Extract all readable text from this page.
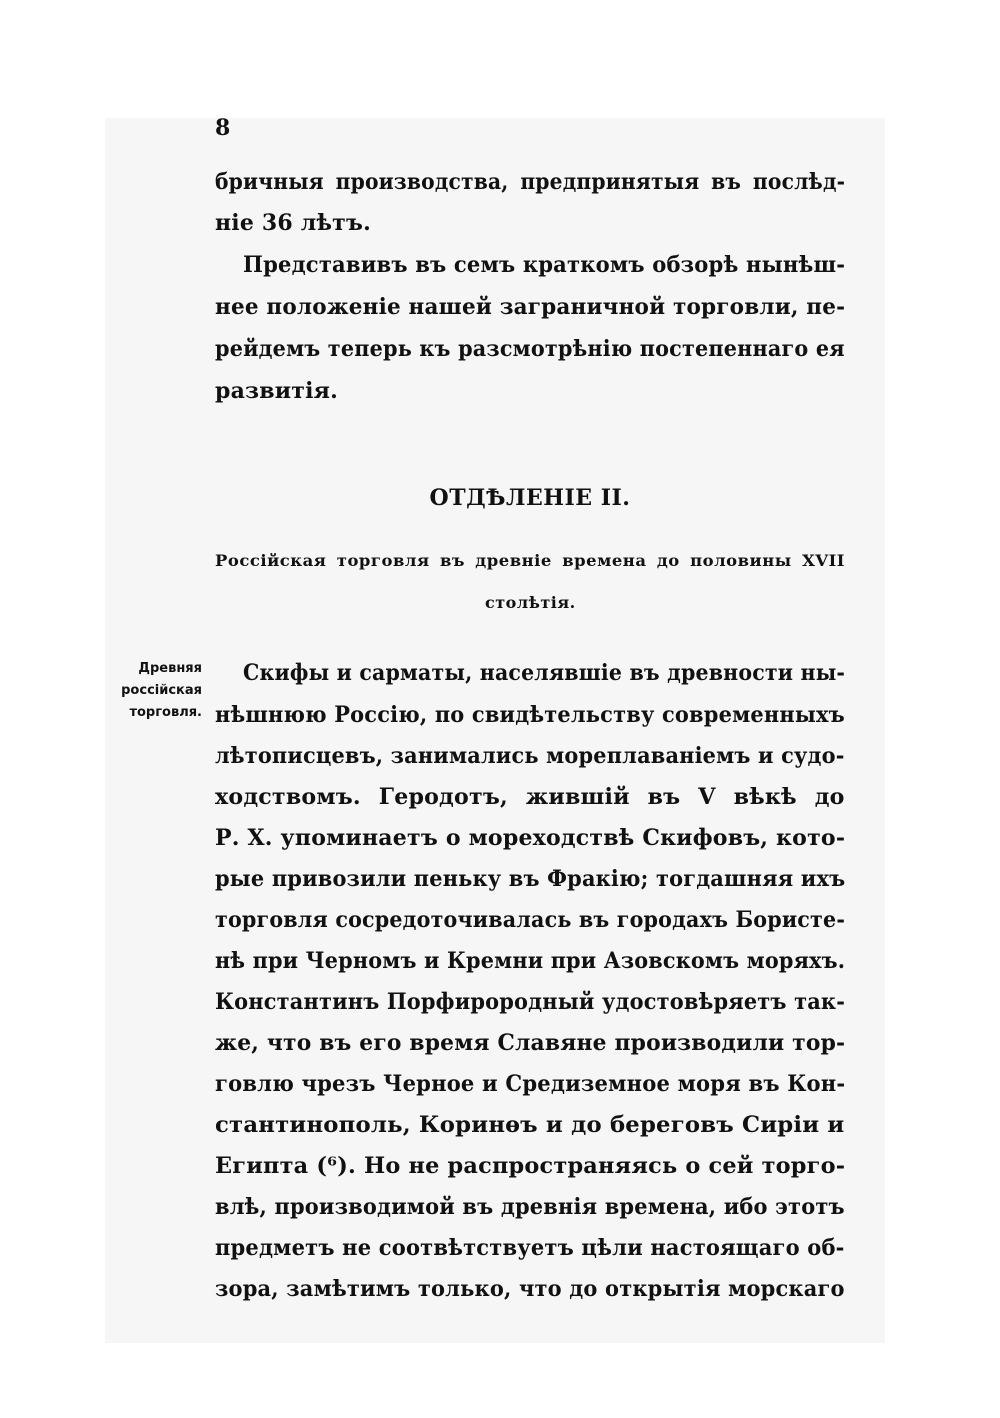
8
бричныя производства, предпринятыя въ послѣд-
ніе 36 лѣтъ.
Представивъ въ семъ краткомъ обзорѣ нынѣш-
нее положеніе нашей заграничной торговли, пе-
рейдемъ теперь къ разсмотрѣнію постепеннаго ея
развитія.
ОТДѢЛЕНІЕ II.
Россійская торговля въ древніе времена до половины XVII
столѣтія.
Древняя
россійская
торговля.
Скифы и сарматы, населявшіе въ древности ны-
нѣшнюю Россію, по свидѣтельству современныхъ
лѣтописцевъ, занимались мореплаваніемъ и судо-
ходствомъ. Геродотъ, жившій въ V вѣкѣ до
Р. Х. упоминаетъ о мореходствѣ Скифовъ, кото-
рые привозили пеньку въ Фракію; тогдашняя ихъ
торговля сосредоточивалась въ городахъ Бористе-
нѣ при Черномъ и Кремни при Азовскомъ моряхъ.
Константинъ Порфирородный удостовѣряетъ так-
же, что въ его время Славяне производили тор-
говлю чрезъ Черное и Средиземное моря въ Кон-
стантинополь, Коринѳъ и до береговъ Сиріи и
Египта (⁶). Но не распространяясь о сей торго-
влѣ, производимой въ древнія времена, ибо этотъ
предметъ не соотвѣтствуетъ цѣли настоящаго об-
зора, замѣтимъ только, что до открытія морскаго
